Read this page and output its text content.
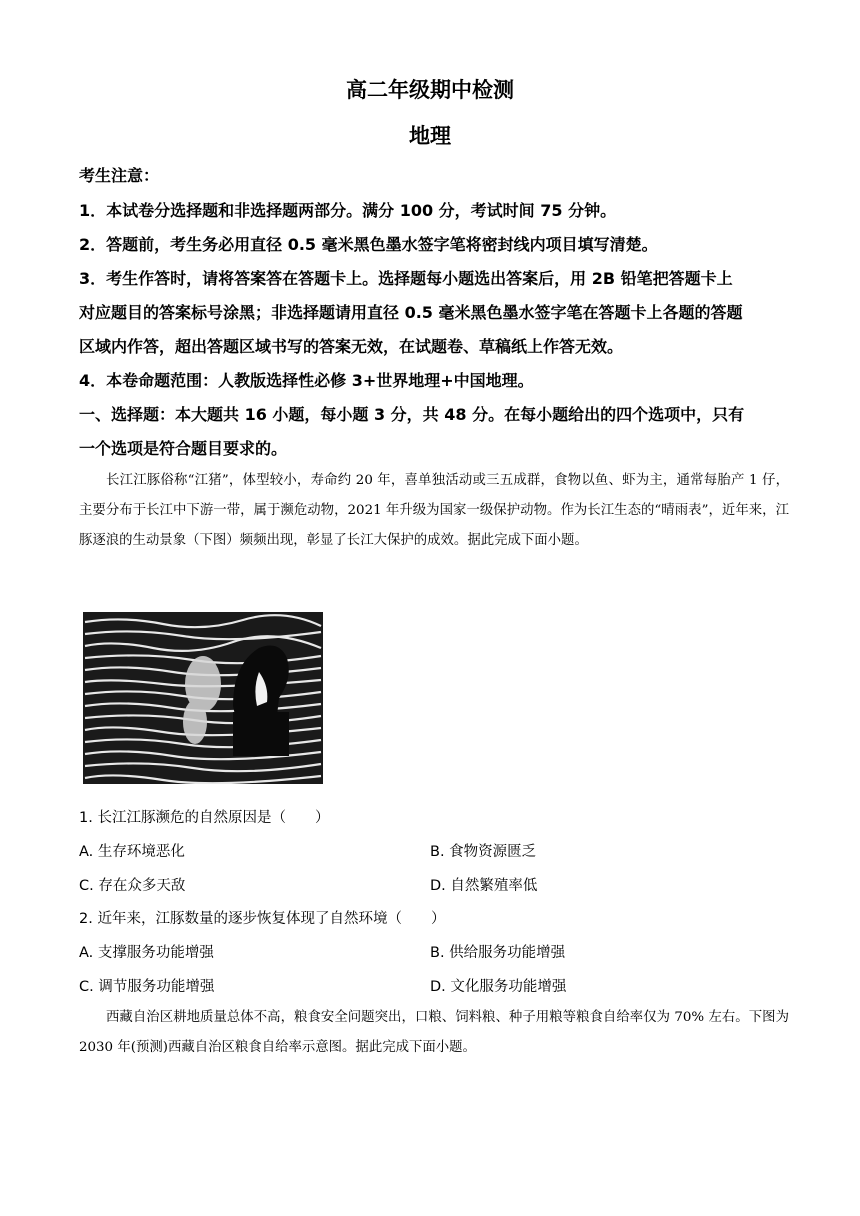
高二年级期中检测
地理
考生注意：
1．本试卷分选择题和非选择题两部分。满分 100 分，考试时间 75 分钟。
2．答题前，考生务必用直径 0.5 毫米黑色墨水签字笔将密封线内项目填写清楚。
3．考生作答时，请将答案答在答题卡上。选择题每小题选出答案后，用 2B 铅笔把答题卡上
对应题目的答案标号涂黑；非选择题请用直径 0.5 毫米黑色墨水签字笔在答题卡上各题的答题
区域内作答，超出答题区域书写的答案无效，在试题卷、草稿纸上作答无效。
4．本卷命题范围：人教版选择性必修 3+世界地理+中国地理。
一、选择题：本大题共 16 小题，每小题 3 分，共 48 分。在每小题给出的四个选项中，只有
一个选项是符合题目要求的。
长江江豚俗称“江猪”，体型较小，寿命约 20 年，喜单独活动或三五成群，食物以鱼、虾为主，通常每胎产 1 仔，主要分布于长江中下游一带，属于濒危动物，2021 年升级为国家一级保护动物。作为长江生态的“晴雨表”，近年来，江豚逐浪的生动景象（下图）频频出现，彰显了长江大保护的成效。据此完成下面小题。
1. 长江江豚濒危的自然原因是（　　）
A. 生存环境恶化	B. 食物资源匮乏
C. 存在众多天敌	D. 自然繁殖率低
2. 近年来，江豚数量的逐步恢复体现了自然环境（　　）
A. 支撑服务功能增强	B. 供给服务功能增强
C. 调节服务功能增强	D. 文化服务功能增强
西藏自治区耕地质量总体不高，粮食安全问题突出，口粮、饲料粮、种子用粮等粮食自给率仅为 70% 左右。下图为 2030 年(预测)西藏自治区粮食自给率示意图。据此完成下面小题。
